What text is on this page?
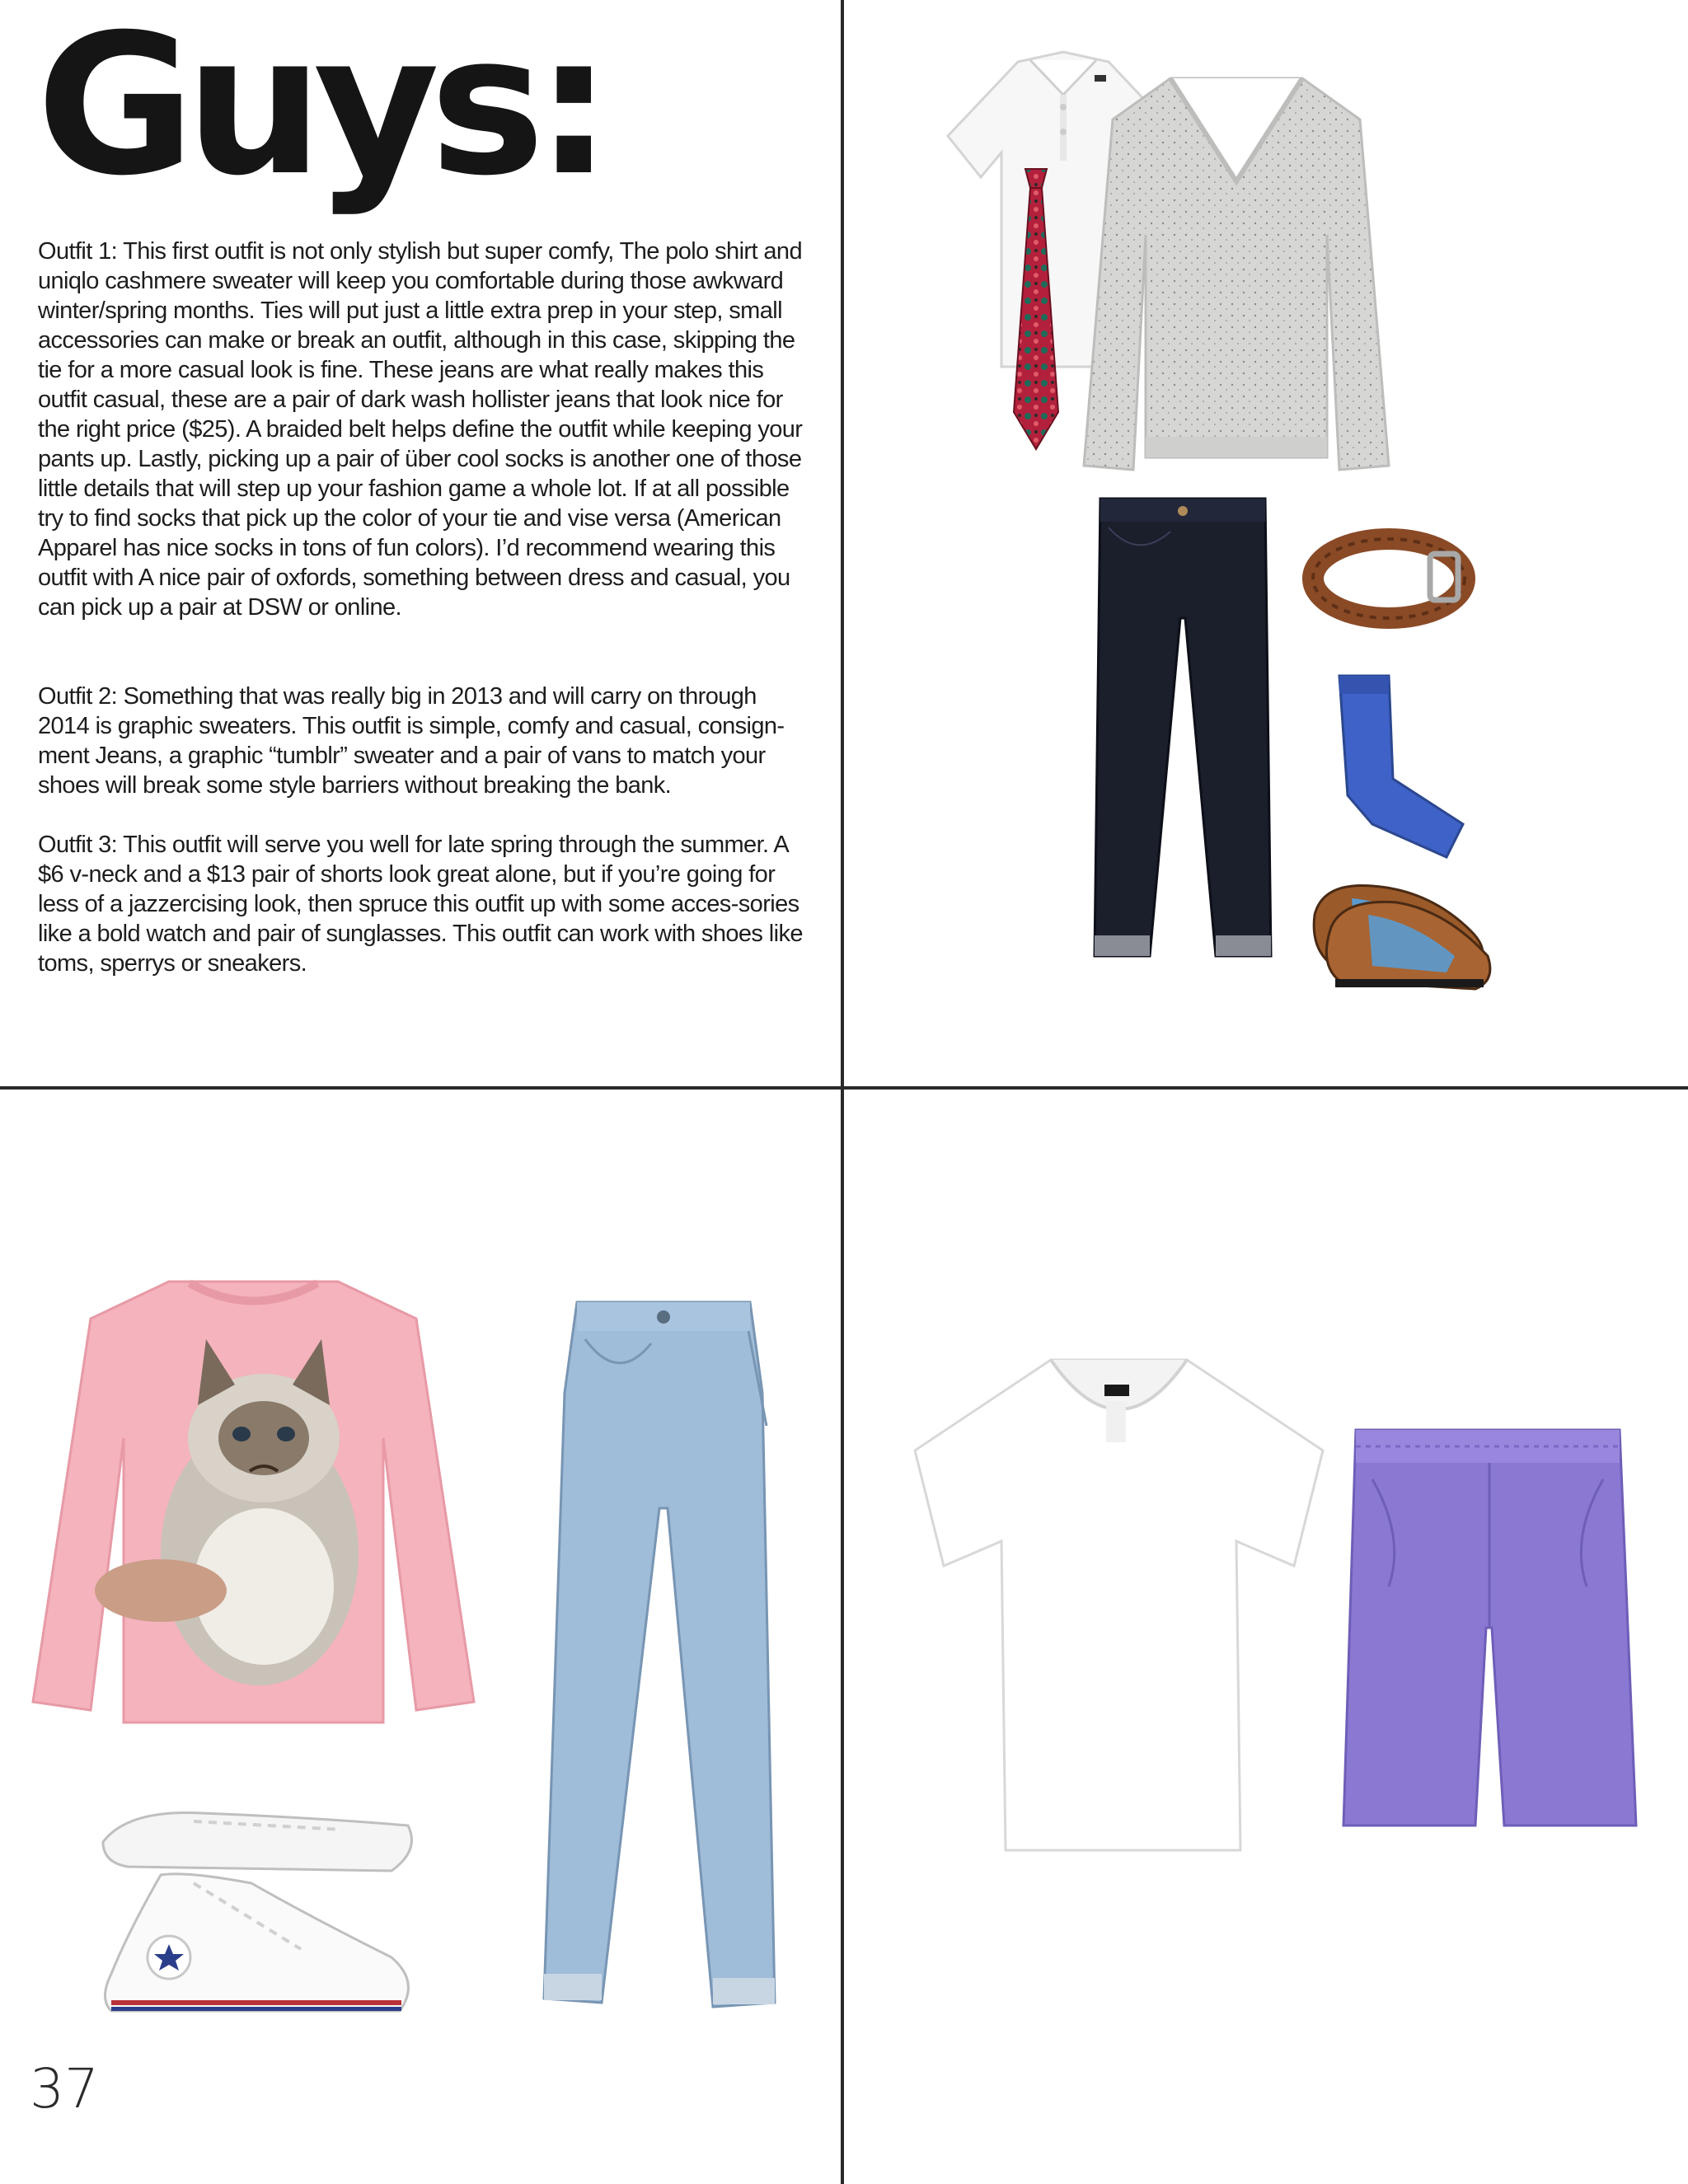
Guys:

Outfit 1: This first outfit is not only stylish but super comfy, The polo shirt and uniqlo cashmere sweater will keep you comfortable during those awkward winter/spring months. Ties will put just a little extra prep in your step, small accessories can make or break an outfit, although in this case, skipping the tie for a more casual look is fine. These jeans are what really makes this outfit casual, these are a pair of dark wash hollister jeans that look nice for the right price ($25). A braided belt helps define the outfit while keeping your pants up. Lastly, picking up a pair of über cool socks is another one of those little details that will step up your fashion game a whole lot. If at all possible try to find socks that pick up the color of your tie and vise versa (American Apparel has nice socks in tons of fun colors). I’d recommend wearing this outfit with A nice pair of oxfords, something between dress and casual, you can pick up a pair at DSW or online.

Outfit 2: Something that was really big in 2013 and will carry on through 2014 is graphic sweaters. This outfit is simple, comfy and casual, consign-ment Jeans, a graphic “tumblr” sweater and a pair of vans to match your shoes will break some style barriers without breaking the bank.

Outfit 3: This outfit will serve you well for late spring through the summer. A $6 v-neck and a $13 pair of shorts look great alone, but if you’re going for less of a jazzercising look, then spruce this outfit up with some acces-sories like a bold watch and pair of sunglasses. This outfit can work with shoes like toms, sperrys or sneakers.

37
